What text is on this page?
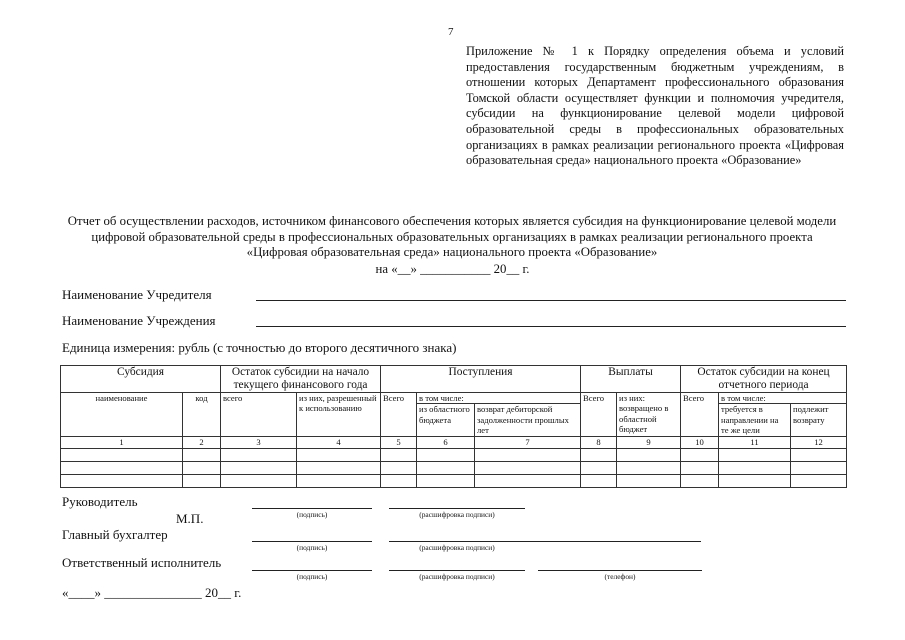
7
Приложение № 1 к Порядку определения объема и условий предоставления государственным бюджетным учреждениям, в отношении которых Департамент профессионального образования Томской области осуществляет функции и полномочия учредителя, субсидии на функционирование целевой модели цифровой образовательной среды в профессиональных образовательных организациях в рамках реализации регионального проекта «Цифровая образовательная среда» национального проекта «Образование»
Отчет об осуществлении расходов, источником финансового обеспечения которых является субсидия на функционирование целевой модели цифровой образовательной среды в профессиональных образовательных организациях в рамках реализации регионального проекта «Цифровая образовательная среда» национального проекта «Образование»
на «__» ___________ 20__ г.
Наименование Учредителя
Наименование Учреждения
Единица измерения: рубль (с точностью до второго десятичного знака)
Субсидия		Остаток субсидии на начало текущего финансового года		Поступления			Выплаты		Остаток субсидии на конец отчетного периода		
наименование	код	всего	из них, разрешенный к использованию	Всего	в том числе:		Всего	из них: возвращено в областной бюджет	Всего	в том числе:	
					из областного бюджета	возврат дебиторской задолженности прошлых лет				требуется в направлении на те же цели	подлежит возврату
1	2	3	4	5	6	7	8	9	10	11	12

Руководитель
М.П.	(подпись)	(расшифровка подписи)
Главный бухгалтер
(подпись)	(расшифровка подписи)
Ответственный исполнитель
(подпись)	(расшифровка подписи)	(телефон)
«____» _______________ 20__ г.
